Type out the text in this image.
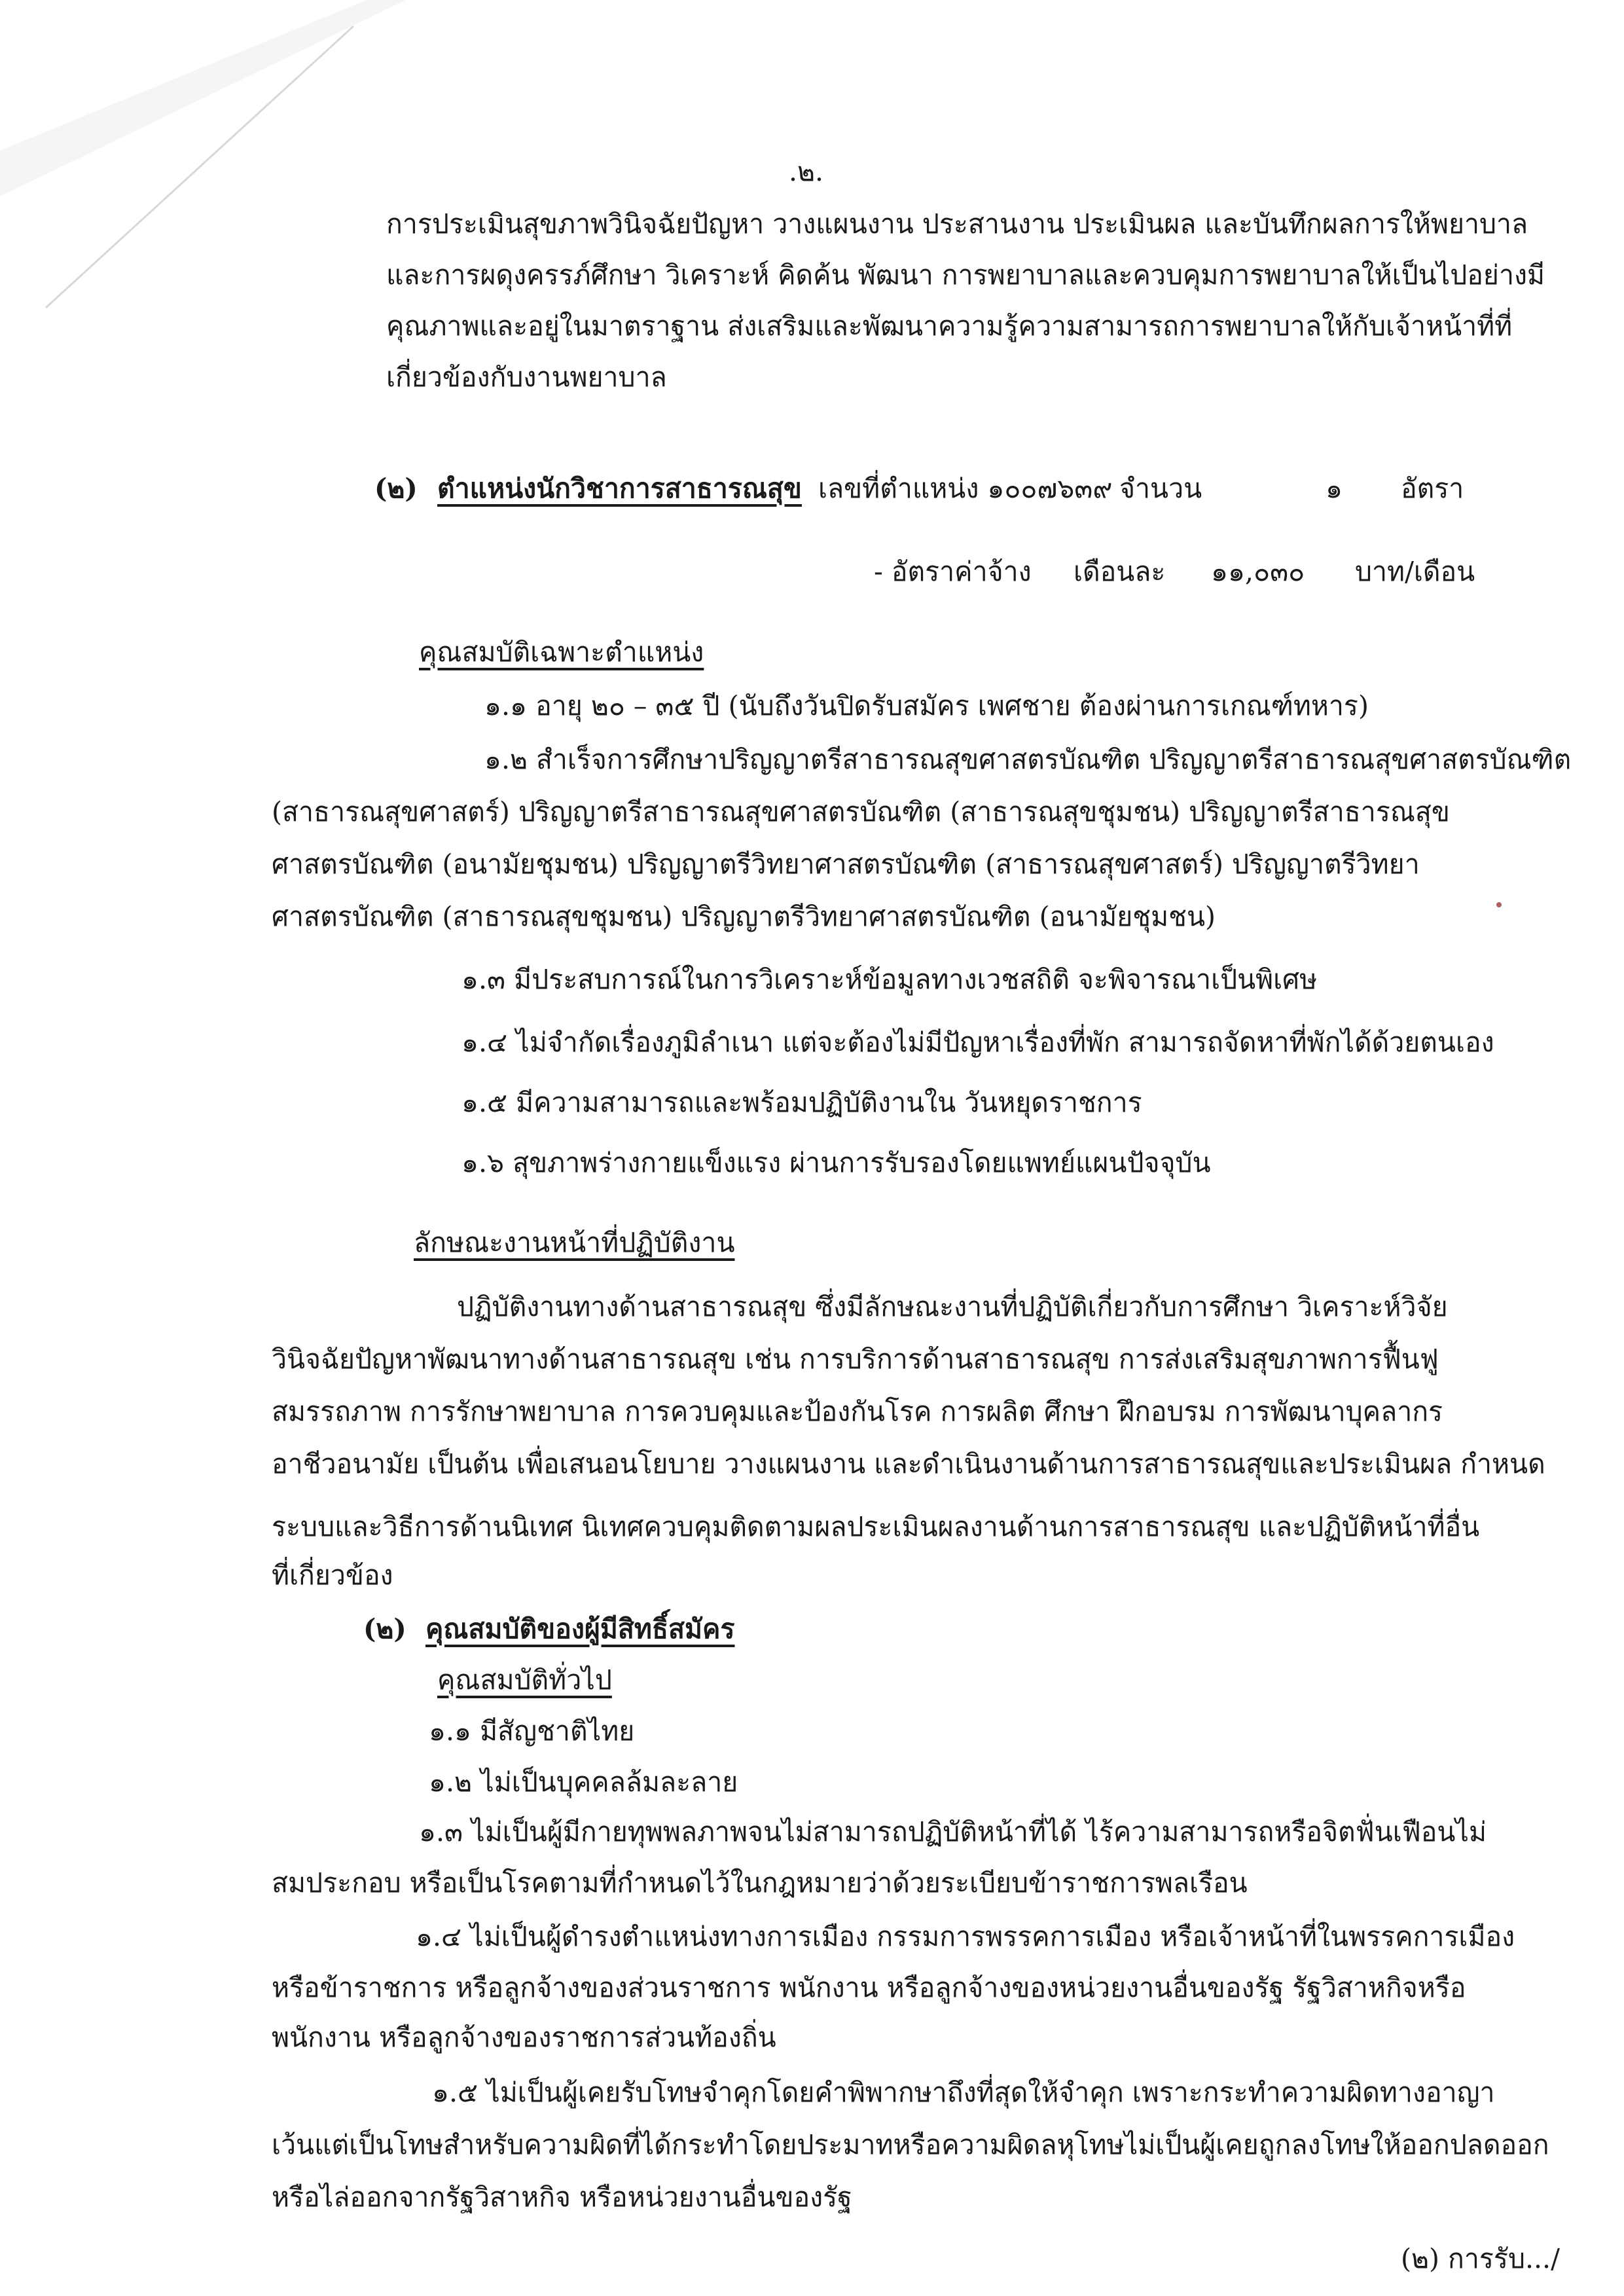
.๒.
การประเมินสุขภาพวินิจฉัยปัญหา วางแผนงาน ประสานงาน ประเมินผล และบันทึกผลการให้พยาบาล
และการผดุงครรภ์ศึกษา วิเคราะห์ คิดค้น พัฒนา การพยาบาลและควบคุมการพยาบาลให้เป็นไปอย่างมี
คุณภาพและอยู่ในมาตราฐาน ส่งเสริมและพัฒนาความรู้ความสามารถการพยาบาลให้กับเจ้าหน้าที่ที่
เกี่ยวข้องกับงานพยาบาล
(๒) ตำแหน่งนักวิชาการสาธารณสุข เลขที่ตำแหน่ง ๑๐๐๗๖๓๙ จำนวน	๑ อัตรา
- อัตราค่าจ้าง เดือนละ ๑๑,๐๓๐ บาท/เดือน
คุณสมบัติเฉพาะตำแหน่ง
๑.๑ อายุ ๒๐ – ๓๕ ปี (นับถึงวันปิดรับสมัคร เพศชาย ต้องผ่านการเกณฑ์ทหาร)
๑.๒ สำเร็จการศึกษาปริญญาตรีสาธารณสุขศาสตรบัณฑิต ปริญญาตรีสาธารณสุขศาสตรบัณฑิต
(สาธารณสุขศาสตร์) ปริญญาตรีสาธารณสุขศาสตรบัณฑิต (สาธารณสุขชุมชน) ปริญญาตรีสาธารณสุข
ศาสตรบัณฑิต (อนามัยชุมชน) ปริญญาตรีวิทยาศาสตรบัณฑิต (สาธารณสุขศาสตร์) ปริญญาตรีวิทยา
ศาสตรบัณฑิต (สาธารณสุขชุมชน) ปริญญาตรีวิทยาศาสตรบัณฑิต (อนามัยชุมชน)
๑.๓ มีประสบการณ์ในการวิเคราะห์ข้อมูลทางเวชสถิติ จะพิจารณาเป็นพิเศษ
๑.๔ ไม่จำกัดเรื่องภูมิลำเนา แต่จะต้องไม่มีปัญหาเรื่องที่พัก สามารถจัดหาที่พักได้ด้วยตนเอง
๑.๕ มีความสามารถและพร้อมปฏิบัติงานใน วันหยุดราชการ
๑.๖ สุขภาพร่างกายแข็งแรง ผ่านการรับรองโดยแพทย์แผนปัจจุบัน
ลักษณะงานหน้าที่ปฏิบัติงาน
ปฏิบัติงานทางด้านสาธารณสุข ซึ่งมีลักษณะงานที่ปฏิบัติเกี่ยวกับการศึกษา วิเคราะห์วิจัย
วินิจฉัยปัญหาพัฒนาทางด้านสาธารณสุข เช่น การบริการด้านสาธารณสุข การส่งเสริมสุขภาพการฟื้นฟู
สมรรถภาพ การรักษาพยาบาล การควบคุมและป้องกันโรค การผลิต ศึกษา ฝึกอบรม การพัฒนาบุคลากร
อาชีวอนามัย เป็นต้น เพื่อเสนอนโยบาย วางแผนงาน และดำเนินงานด้านการสาธารณสุขและประเมินผล กำหนด
ระบบและวิธีการด้านนิเทศ นิเทศควบคุมติดตามผลประเมินผลงานด้านการสาธารณสุข และปฏิบัติหน้าที่อื่น
ที่เกี่ยวข้อง
(๒) คุณสมบัติของผู้มีสิทธิ์สมัคร
คุณสมบัติทั่วไป
๑.๑ มีสัญชาติไทย
๑.๒ ไม่เป็นบุคคลล้มละลาย
๑.๓ ไม่เป็นผู้มีกายทุพพลภาพจนไม่สามารถปฏิบัติหน้าที่ได้ ไร้ความสามารถหรือจิตฟั่นเฟือนไม่
สมประกอบ หรือเป็นโรคตามที่กำหนดไว้ในกฎหมายว่าด้วยระเบียบข้าราชการพลเรือน
๑.๔ ไม่เป็นผู้ดำรงตำแหน่งทางการเมือง กรรมการพรรคการเมือง หรือเจ้าหน้าที่ในพรรคการเมือง
หรือข้าราชการ หรือลูกจ้างของส่วนราชการ พนักงาน หรือลูกจ้างของหน่วยงานอื่นของรัฐ รัฐวิสาหกิจหรือ
พนักงาน หรือลูกจ้างของราชการส่วนท้องถิ่น
๑.๕ ไม่เป็นผู้เคยรับโทษจำคุกโดยคำพิพากษาถึงที่สุดให้จำคุก เพราะกระทำความผิดทางอาญา
เว้นแต่เป็นโทษสำหรับความผิดที่ได้กระทำโดยประมาทหรือความผิดลหุโทษไม่เป็นผู้เคยถูกลงโทษให้ออกปลดออก
หรือไล่ออกจากรัฐวิสาหกิจ หรือหน่วยงานอื่นของรัฐ
(๒) การรับ.../
